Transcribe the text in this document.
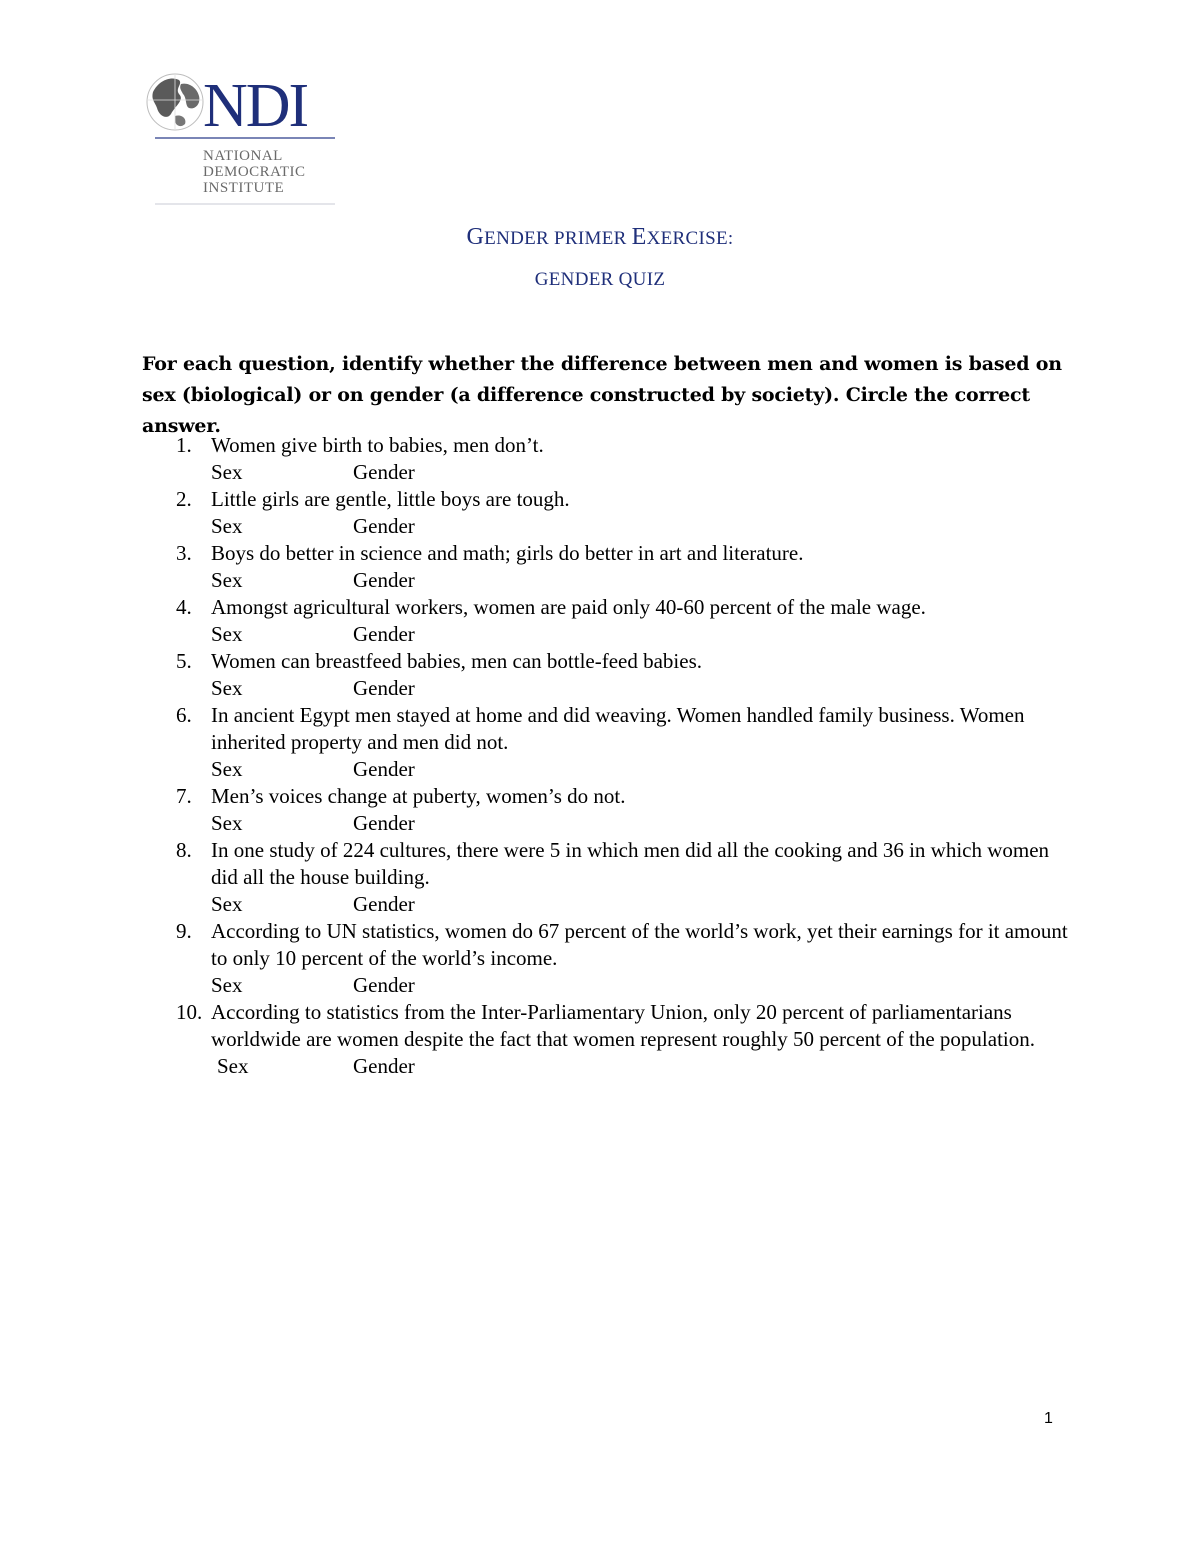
NDI
NATIONAL
DEMOCRATIC
INSTITUTE
GENDER PRIMER EXERCISE:
GENDER QUIZ
For each question, identify whether the difference between men and women is based on sex (biological) or on gender (a difference constructed by society). Circle the correct answer.
1. Women give birth to babies, men don’t.
Sex	Gender
2. Little girls are gentle, little boys are tough.
Sex	Gender
3. Boys do better in science and math; girls do better in art and literature.
Sex	Gender
4. Amongst agricultural workers, women are paid only 40-60 percent of the male wage.
Sex	Gender
5. Women can breastfeed babies, men can bottle-feed babies.
Sex	Gender
6. In ancient Egypt men stayed at home and did weaving. Women handled family business. Women inherited property and men did not.
Sex	Gender
7. Men’s voices change at puberty, women’s do not.
Sex	Gender
8. In one study of 224 cultures, there were 5 in which men did all the cooking and 36 in which women did all the house building.
Sex	Gender
9. According to UN statistics, women do 67 percent of the world’s work, yet their earnings for it amount to only 10 percent of the world’s income.
Sex	Gender
10. According to statistics from the Inter-Parliamentary Union, only 20 percent of parliamentarians worldwide are women despite the fact that women represent roughly 50 percent of the population.
Sex	Gender
1
